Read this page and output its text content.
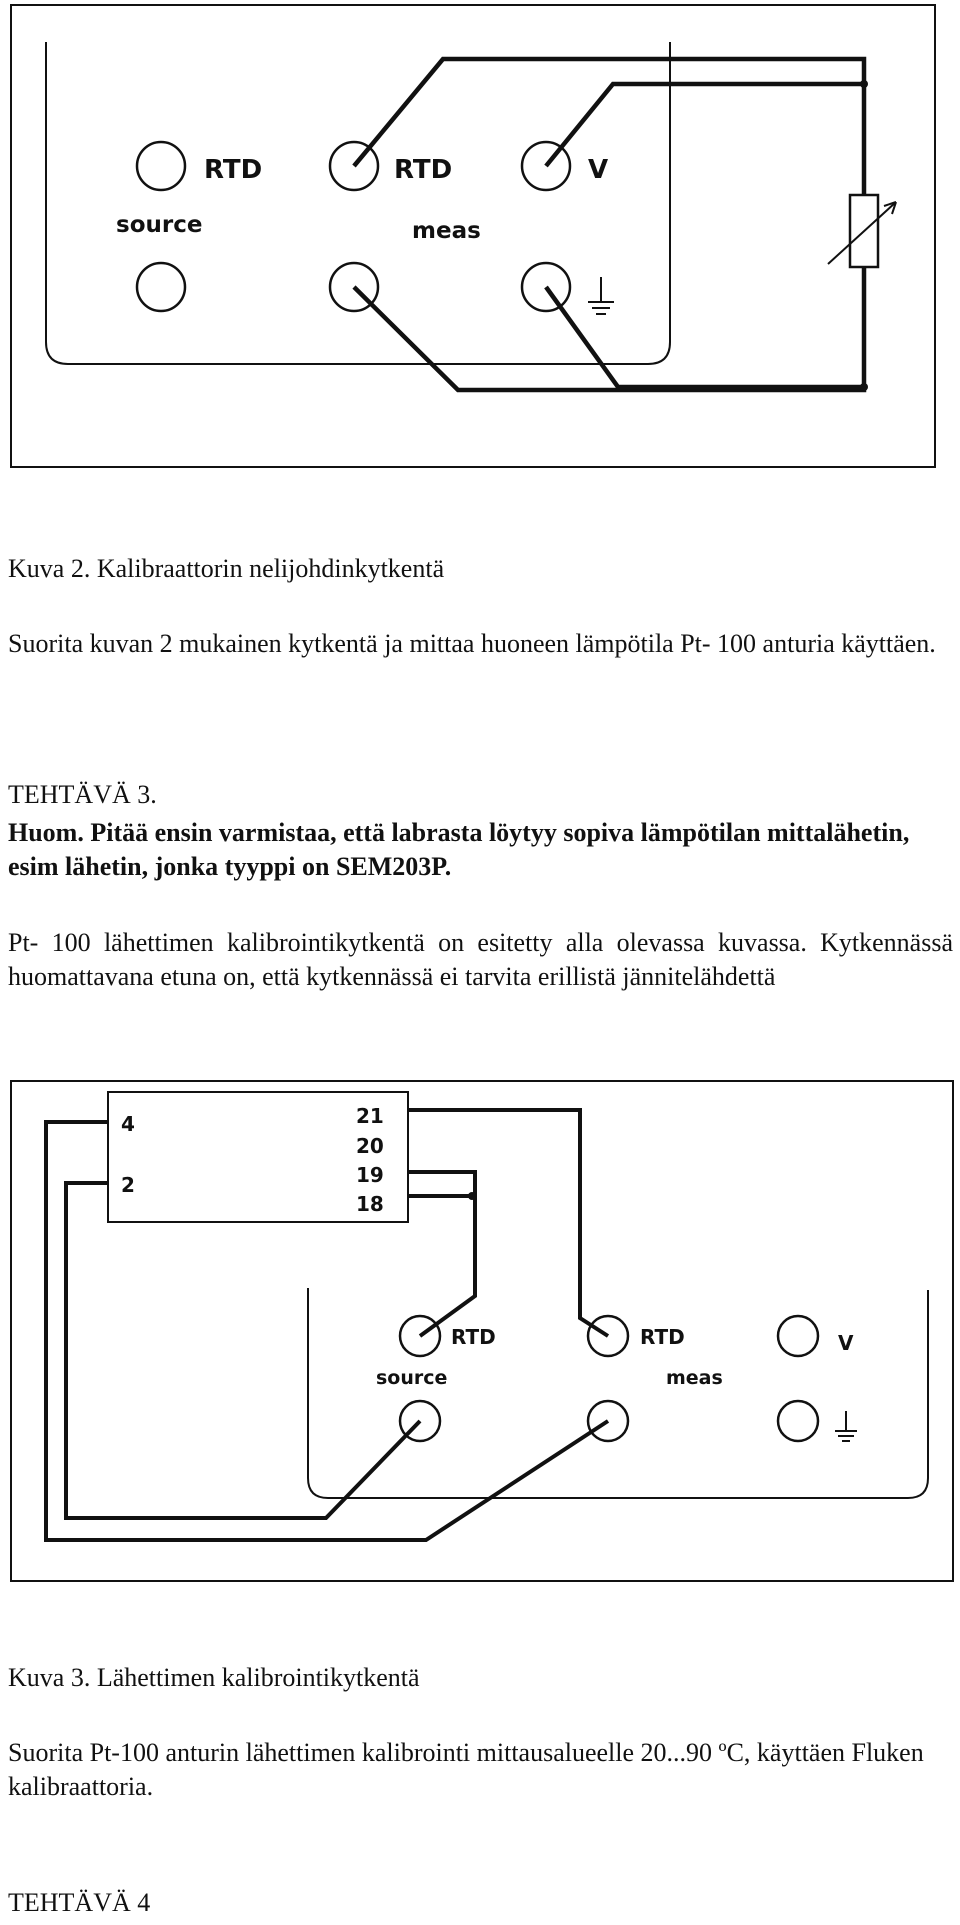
RTD	RTD	V
source	meas

Kuva 2. Kalibraattorin nelijohdinkytkentä

Suorita kuvan 2 mukainen kytkentä ja mittaa huoneen lämpötila Pt- 100 anturia käyttäen.

TEHTÄVÄ 3.

Huom. Pitää ensin varmistaa, että labrasta löytyy sopiva lämpötilan mittalähetin, esim lähetin, jonka tyyppi on SEM203P.

Pt- 100 lähettimen kalibrointikytkentä on esitetty alla olevassa kuvassa. Kytkennässä huomattavana etuna on, että kytkennässä ei tarvita erillistä jännitelähdettä

4
2
21
20
19
18
RTD	RTD	V
source	meas

Kuva 3. Lähettimen kalibrointikytkentä

Suorita Pt-100 anturin lähettimen kalibrointi mittausalueelle 20...90 ºC, käyttäen Fluken kalibraattoria.

TEHTÄVÄ 4
